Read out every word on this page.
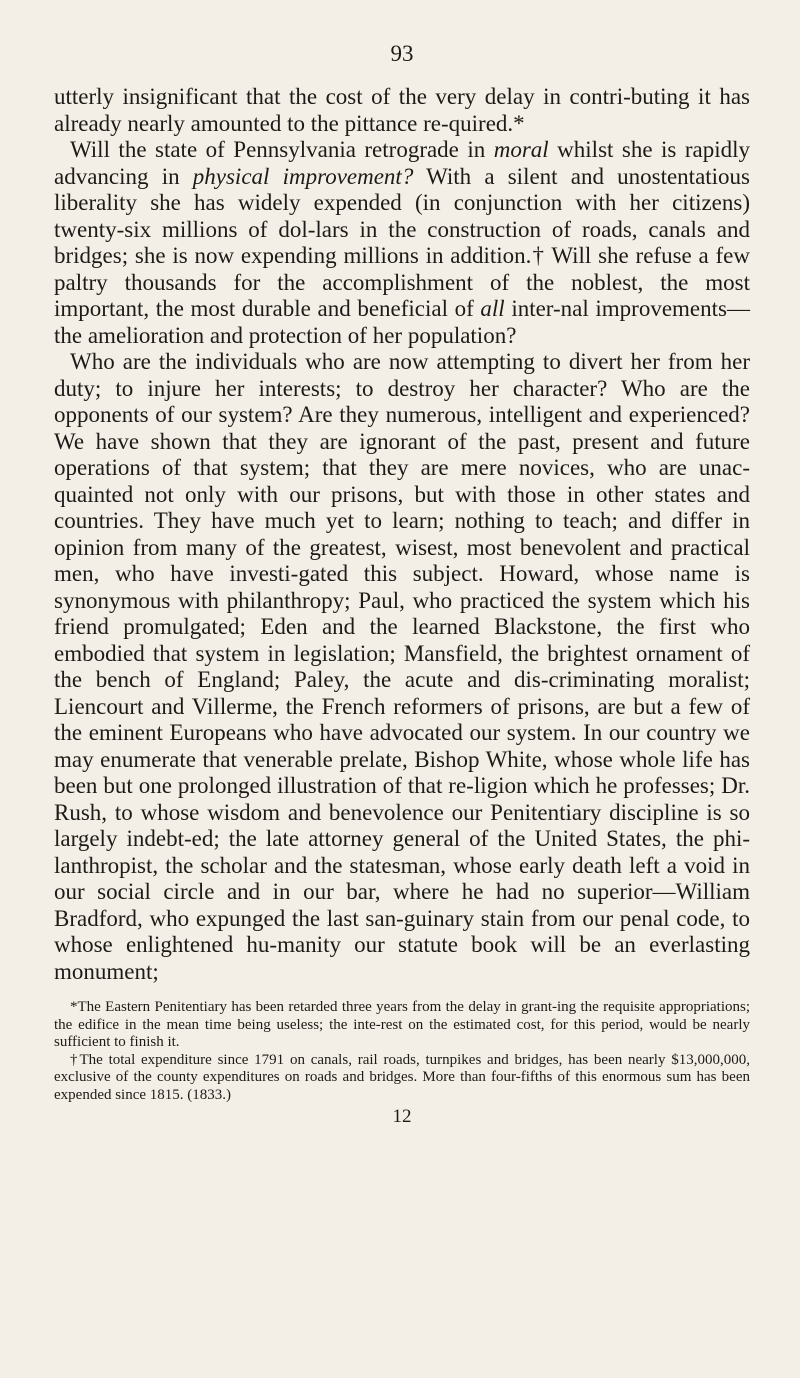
93

utterly insignificant that the cost of the very delay in contri-buting it has already nearly amounted to the pittance re-quired.*

Will the state of Pennsylvania retrograde in moral whilst she is rapidly advancing in physical improvement? With a silent and unostentatious liberality she has widely expended (in conjunction with her citizens) twenty-six millions of dol-lars in the construction of roads, canals and bridges; she is now expending millions in addition.† Will she refuse a few paltry thousands for the accomplishment of the noblest, the most important, the most durable and beneficial of all inter-nal improvements—the amelioration and protection of her population?

Who are the individuals who are now attempting to divert her from her duty; to injure her interests; to destroy her character? Who are the opponents of our system? Are they numerous, intelligent and experienced? We have shown that they are ignorant of the past, present and future operations of that system; that they are mere novices, who are unac-quainted not only with our prisons, but with those in other states and countries. They have much yet to learn; nothing to teach; and differ in opinion from many of the greatest, wisest, most benevolent and practical men, who have investi-gated this subject. Howard, whose name is synonymous with philanthropy; Paul, who practiced the system which his friend promulgated; Eden and the learned Blackstone, the first who embodied that system in legislation; Mansfield, the brightest ornament of the bench of England; Paley, the acute and dis-criminating moralist; Liencourt and Villerme, the French reformers of prisons, are but a few of the eminent Europeans who have advocated our system. In our country we may enumerate that venerable prelate, Bishop White, whose whole life has been but one prolonged illustration of that re-ligion which he professes; Dr. Rush, to whose wisdom and benevolence our Penitentiary discipline is so largely indebt-ed; the late attorney general of the United States, the phi-lanthropist, the scholar and the statesman, whose early death left a void in our social circle and in our bar, where he had no superior—William Bradford, who expunged the last san-guinary stain from our penal code, to whose enlightened hu-manity our statute book will be an everlasting monument;

*The Eastern Penitentiary has been retarded three years from the delay in grant-ing the requisite appropriations; the edifice in the mean time being useless; the inte-rest on the estimated cost, for this period, would be nearly sufficient to finish it.

†The total expenditure since 1791 on canals, rail roads, turnpikes and bridges, has been nearly $13,000,000, exclusive of the county expenditures on roads and bridges. More than four-fifths of this enormous sum has been expended since 1815. (1833.)

12
